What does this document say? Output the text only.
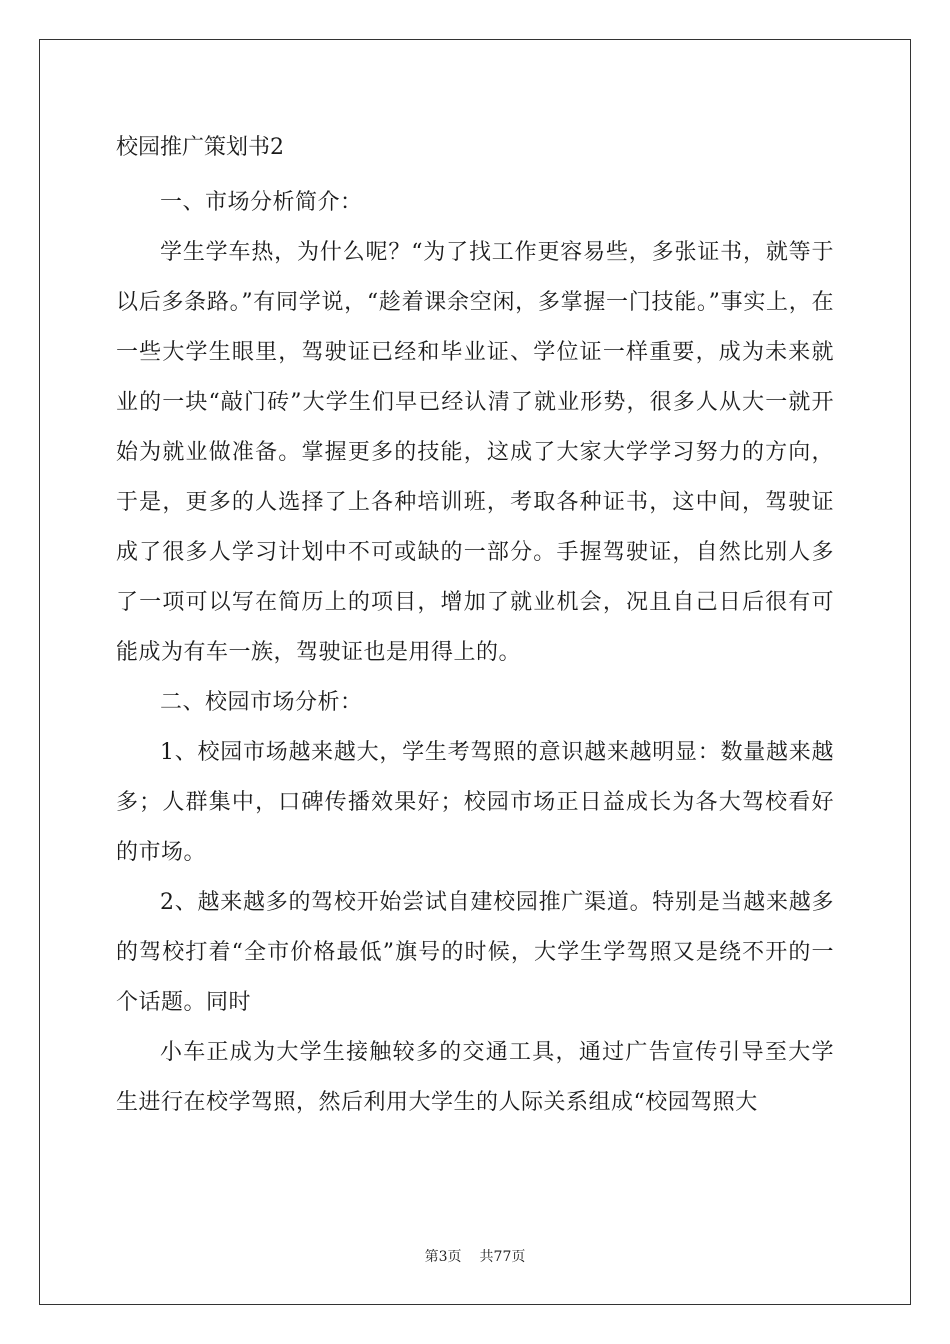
校园推广策划书2

一、市场分析简介：

学生学车热，为什么呢？“为了找工作更容易些，多张证书，就等于以后多条路。”有同学说，“趁着课余空闲，多掌握一门技能。”事实上，在一些大学生眼里，驾驶证已经和毕业证、学位证一样重要，成为未来就业的一块“敲门砖”大学生们早已经认清了就业形势，很多人从大一就开始为就业做准备。掌握更多的技能，这成了大家大学学习努力的方向，于是，更多的人选择了上各种培训班，考取各种证书，这中间，驾驶证成了很多人学习计划中不可或缺的一部分。手握驾驶证，自然比别人多了一项可以写在简历上的项目，增加了就业机会，况且自己日后很有可能成为有车一族，驾驶证也是用得上的。

二、校园市场分析：

1、校园市场越来越大，学生考驾照的意识越来越明显：数量越来越多；人群集中，口碑传播效果好；校园市场正日益成长为各大驾校看好的市场。

2、越来越多的驾校开始尝试自建校园推广渠道。特别是当越来越多的驾校打着“全市价格最低”旗号的时候，大学生学驾照又是绕不开的一个话题。同时

小车正成为大学生接触较多的交通工具，通过广告宣传引导至大学生进行在校学驾照，然后利用大学生的人际关系组成“校园驾照大

第3页 共77页
